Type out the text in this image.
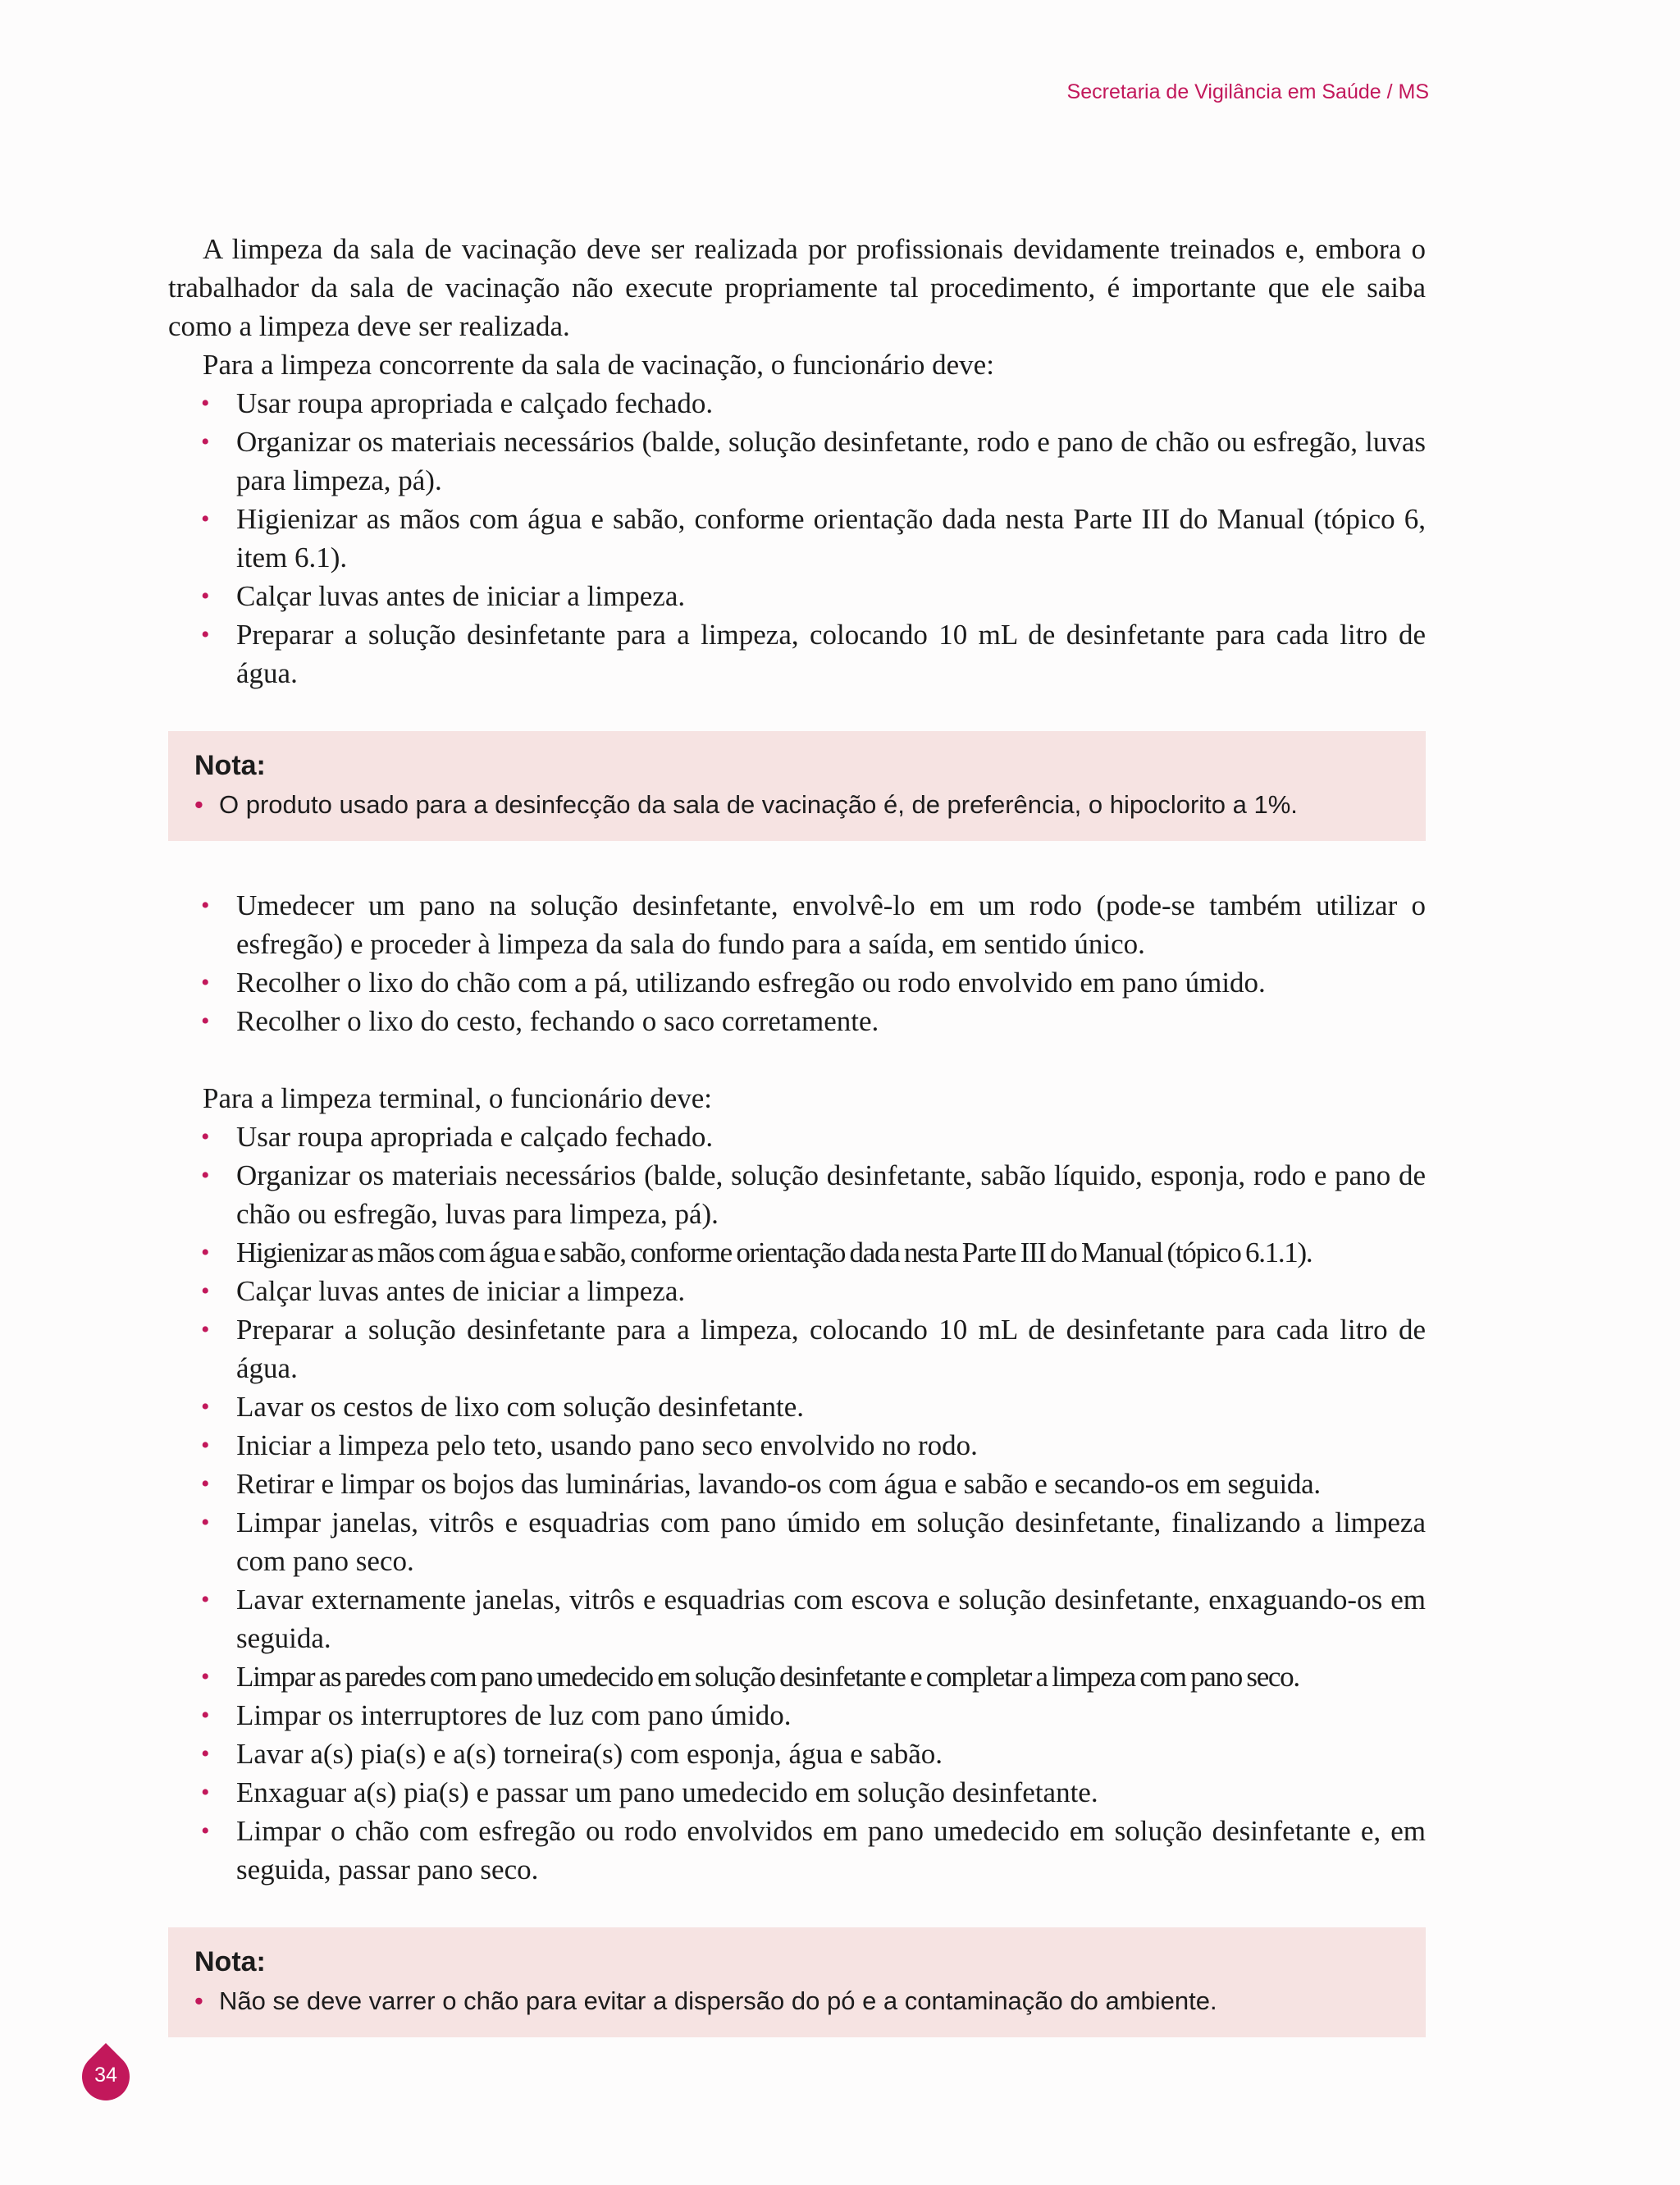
Secretaria de Vigilância em Saúde / MS

A limpeza da sala de vacinação deve ser realizada por profissionais devidamente treinados e, embora o trabalhador da sala de vacinação não execute propriamente tal procedimento, é importante que ele saiba como a limpeza deve ser realizada.

Para a limpeza concorrente da sala de vacinação, o funcionário deve:

• Usar roupa apropriada e calçado fechado.
• Organizar os materiais necessários (balde, solução desinfetante, rodo e pano de chão ou esfregão, luvas para limpeza, pá).
• Higienizar as mãos com água e sabão, conforme orientação dada nesta Parte III do Manual (tópico 6, item 6.1).
• Calçar luvas antes de iniciar a limpeza.
• Preparar a solução desinfetante para a limpeza, colocando 10 mL de desinfetante para cada litro de água.
Nota:
• O produto usado para a desinfecção da sala de vacinação é, de preferência, o hipoclorito a 1%.
• Umedecer um pano na solução desinfetante, envolvê-lo em um rodo (pode-se também utilizar o esfregão) e proceder à limpeza da sala do fundo para a saída, em sentido único.
• Recolher o lixo do chão com a pá, utilizando esfregão ou rodo envolvido em pano úmido.
• Recolher o lixo do cesto, fechando o saco corretamente.

Para a limpeza terminal, o funcionário deve:

• Usar roupa apropriada e calçado fechado.
• Organizar os materiais necessários (balde, solução desinfetante, sabão líquido, esponja, rodo e pano de chão ou esfregão, luvas para limpeza, pá).
• Higienizar as mãos com água e sabão, conforme orientação dada nesta Parte III do Manual (tópico 6.1.1).
• Calçar luvas antes de iniciar a limpeza.
• Preparar a solução desinfetante para a limpeza, colocando 10 mL de desinfetante para cada litro de água.
• Lavar os cestos de lixo com solução desinfetante.
• Iniciar a limpeza pelo teto, usando pano seco envolvido no rodo.
• Retirar e limpar os bojos das luminárias, lavando-os com água e sabão e secando-os em seguida.
• Limpar janelas, vitrôs e esquadrias com pano úmido em solução desinfetante, finalizando a limpeza com pano seco.
• Lavar externamente janelas, vitrôs e esquadrias com escova e solução desinfetante, enxaguando-os em seguida.
• Limpar as paredes com pano umedecido em solução desinfetante e completar a limpeza com pano seco.
• Limpar os interruptores de luz com pano úmido.
• Lavar a(s) pia(s) e a(s) torneira(s) com esponja, água e sabão.
• Enxaguar a(s) pia(s) e passar um pano umedecido em solução desinfetante.
• Limpar o chão com esfregão ou rodo envolvidos em pano umedecido em solução desinfetante e, em seguida, passar pano seco.
Nota:
• Não se deve varrer o chão para evitar a dispersão do pó e a contaminação do ambiente.
34
